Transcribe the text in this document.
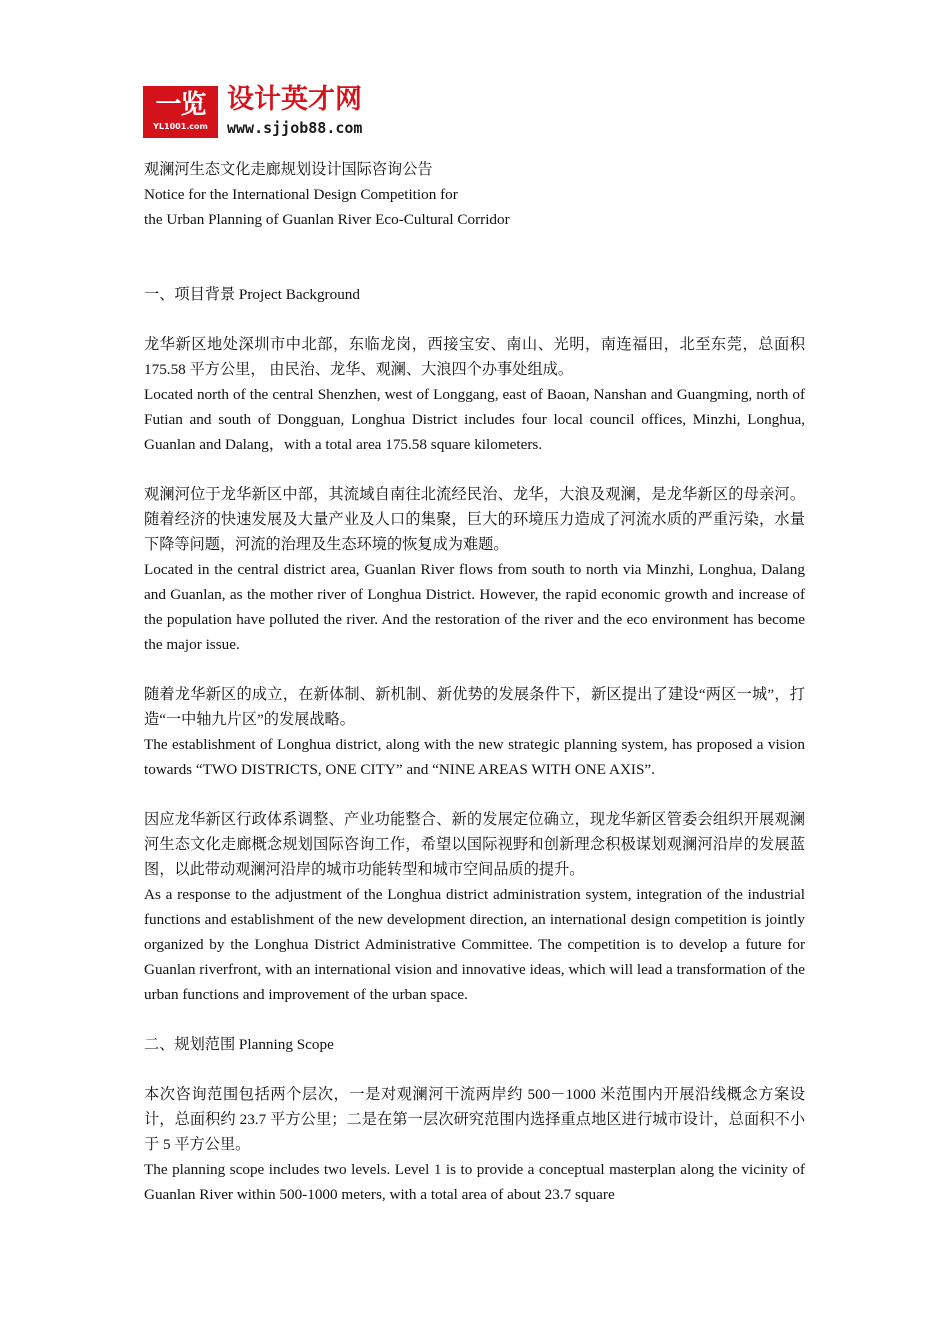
一览
YL1001.com
设计英才网
www.sjjob88.com
观澜河生态文化走廊规划设计国际咨询公告
Notice for the International Design Competition for
the Urban Planning of Guanlan River Eco-Cultural Corridor
一、项目背景 Project Background

龙华新区地处深圳市中北部，东临龙岗，西接宝安、南山、光明，南连福田，北至东莞，总面积 175.58 平方公里， 由民治、龙华、观澜、大浪四个办事处组成。

Located north of the central Shenzhen, west of Longgang, east of Baoan, Nanshan and Guangming, north of Futian and south of Dongguan, Longhua District includes four local council offices, Minzhi, Longhua, Guanlan and Dalang，with a total area 175.58 square kilometers.

观澜河位于龙华新区中部，其流域自南往北流经民治、龙华，大浪及观澜，是龙华新区的母亲河。随着经济的快速发展及大量产业及人口的集聚，巨大的环境压力造成了河流水质的严重污染，水量下降等问题，河流的治理及生态环境的恢复成为难题。

Located in the central district area, Guanlan River flows from south to north via Minzhi, Longhua, Dalang and Guanlan, as the mother river of Longhua District. However, the rapid economic growth and increase of the population have polluted the river. And the restoration of the river and the eco environment has become the major issue.

随着龙华新区的成立，在新体制、新机制、新优势的发展条件下，新区提出了建设“两区一城”，打造“一中轴九片区”的发展战略。

The establishment of Longhua district, along with the new strategic planning system, has proposed a vision towards “TWO DISTRICTS, ONE CITY” and “NINE AREAS WITH ONE AXIS”.

因应龙华新区行政体系调整、产业功能整合、新的发展定位确立，现龙华新区管委会组织开展观澜河生态文化走廊概念规划国际咨询工作，希望以国际视野和创新理念积极谋划观澜河沿岸的发展蓝图，以此带动观澜河沿岸的城市功能转型和城市空间品质的提升。

As a response to the adjustment of the Longhua district administration system, integration of the industrial functions and establishment of the new development direction, an international design competition is jointly organized by the Longhua District Administrative Committee. The competition is to develop a future for Guanlan riverfront, with an international vision and innovative ideas, which will lead a transformation of the urban functions and improvement of the urban space.

二、规划范围 Planning Scope

本次咨询范围包括两个层次，一是对观澜河干流两岸约 500－1000 米范围内开展沿线概念方案设计，总面积约 23.7 平方公里；二是在第一层次研究范围内选择重点地区进行城市设计，总面积不小于 5 平方公里。

The planning scope includes two levels. Level 1 is to provide a conceptual masterplan along the vicinity of Guanlan River within 500-1000 meters, with a total area of about 23.7 square
